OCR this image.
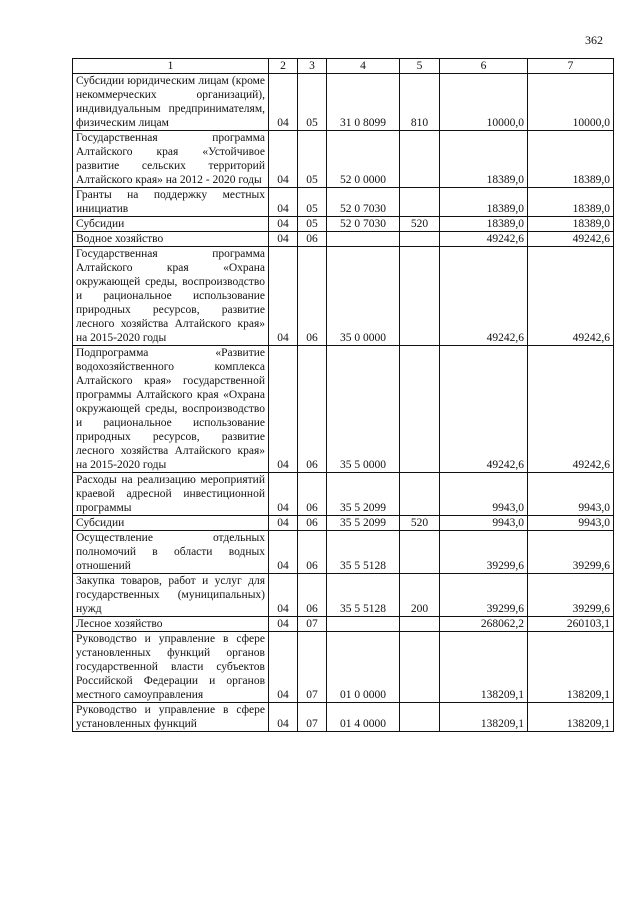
362
1	2	3	4	5	6	7
Субсидии юридическим лицам (кроме некоммерческих организаций), индивидуальным предпринимателям, физическим лицам	04	05	31 0 8099	810	10000,0	10000,0
Государственная программа Алтайского края «Устойчивое развитие сельских территорий Алтайского края» на 2012 - 2020 годы	04	05	52 0 0000		18389,0	18389,0
Гранты на поддержку местных инициатив	04	05	52 0 7030		18389,0	18389,0
Субсидии	04	05	52 0 7030	520	18389,0	18389,0
Водное хозяйство	04	06			49242,6	49242,6
Государственная программа Алтайского края «Охрана окружающей среды, воспроизводство и рациональное использование природных ресурсов, развитие лесного хозяйства Алтайского края» на 2015-2020 годы	04	06	35 0 0000		49242,6	49242,6
Подпрограмма «Развитие водохозяйственного комплекса Алтайского края» государственной программы Алтайского края «Охрана окружающей среды, воспроизводство и рациональное использование природных ресурсов, развитие лесного хозяйства Алтайского края» на 2015-2020 годы	04	06	35 5 0000		49242,6	49242,6
Расходы на реализацию мероприятий краевой адресной инвестиционной программы	04	06	35 5 2099		9943,0	9943,0
Субсидии	04	06	35 5 2099	520	9943,0	9943,0
Осуществление отдельных полномочий в области водных отношений	04	06	35 5 5128		39299,6	39299,6
Закупка товаров, работ и услуг для государственных (муниципальных) нужд	04	06	35 5 5128	200	39299,6	39299,6
Лесное хозяйство	04	07			268062,2	260103,1
Руководство и управление в сфере установленных функций органов государственной власти субъектов Российской Федерации и органов местного самоуправления	04	07	01 0 0000		138209,1	138209,1
Руководство и управление в сфере установленных функций	04	07	01 4 0000		138209,1	138209,1
